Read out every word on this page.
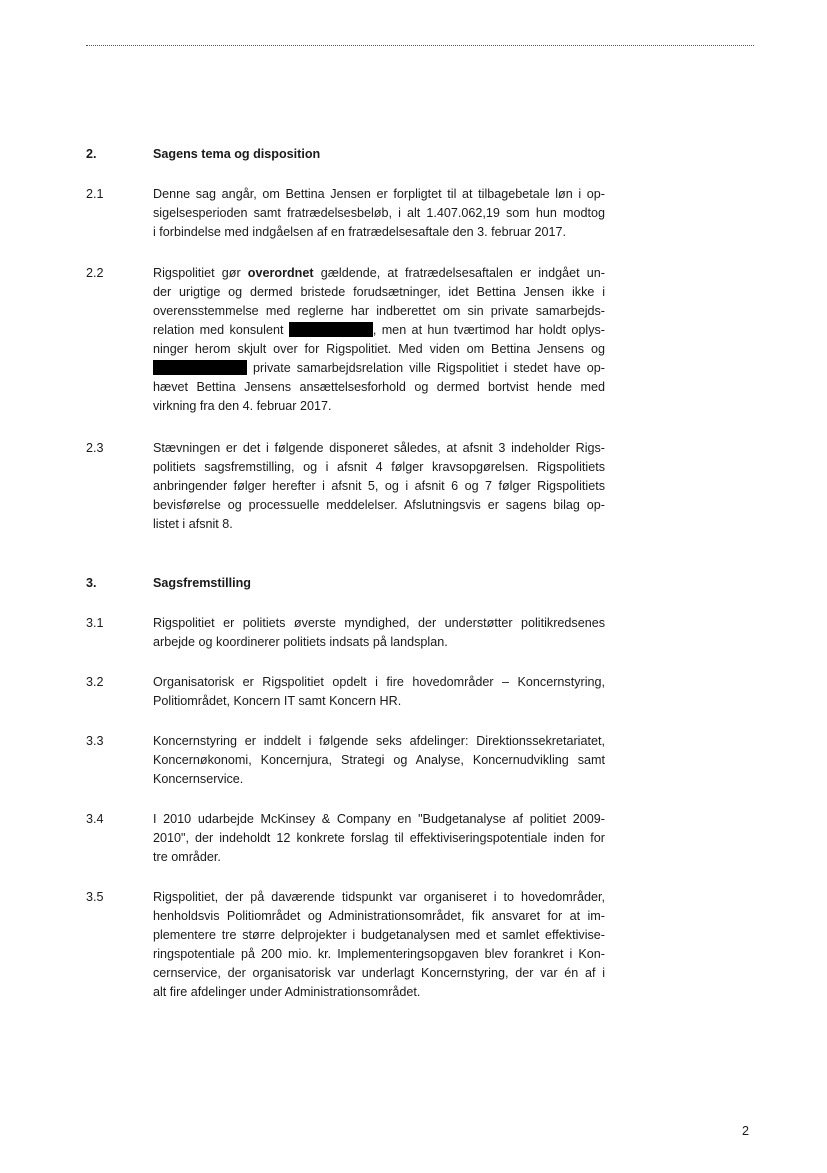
2.	Sagens tema og disposition
2.1	Denne sag angår, om Bettina Jensen er forpligtet til at tilbagebetale løn i op-
sigelsesperioden samt fratrædelsesbeløb, i alt 1.407.062,19 som hun modtog
i forbindelse med indgåelsen af en fratrædelsesaftale den 3. februar 2017.
2.2	Rigspolitiet gør overordnet gældende, at fratrædelsesaftalen er indgået un-
der urigtige og dermed bristede forudsætninger, idet Bettina Jensen ikke i
overensstemmelse med reglerne har indberettet om sin private samarbejds-
relation med konsulent	, men at hun tværtimod har holdt oplys-
ninger herom skjult over for Rigspolitiet. Med viden om Bettina Jensens og
private samarbejdsrelation ville Rigspolitiet i stedet have op-
hævet Bettina Jensens ansættelsesforhold og dermed bortvist hende med
virkning fra den 4. februar 2017.
2.3	Stævningen er det i følgende disponeret således, at afsnit 3 indeholder Rigs-
politiets sagsfremstilling, og i afsnit 4 følger kravsopgørelsen. Rigspolitiets
anbringender følger herefter i afsnit 5, og i afsnit 6 og 7 følger Rigspolitiets
bevisførelse og processuelle meddelelser. Afslutningsvis er sagens bilag op-
listet i afsnit 8.
3.	Sagsfremstilling
3.1	Rigspolitiet er politiets øverste myndighed, der understøtter politikredsenes
arbejde og koordinerer politiets indsats på landsplan.
3.2	Organisatorisk er Rigspolitiet opdelt i fire hovedområder – Koncernstyring,
Politiområdet, Koncern IT samt Koncern HR.
3.3	Koncernstyring er inddelt i følgende seks afdelinger: Direktionssekretariatet,
Koncernøkonomi, Koncernjura, Strategi og Analyse, Koncernudvikling samt
Koncernservice.
3.4	I 2010 udarbejde McKinsey & Company en "Budgetanalyse af politiet 2009-
2010", der indeholdt 12 konkrete forslag til effektiviseringspotentiale inden for
tre områder.
3.5	Rigspolitiet, der på daværende tidspunkt var organiseret i to hovedområder,
henholdsvis Politiområdet og Administrationsområdet, fik ansvaret for at im-
plementere tre større delprojekter i budgetanalysen med et samlet effektivise-
ringspotentiale på 200 mio. kr. Implementeringsopgaven blev forankret i Kon-
cernservice, der organisatorisk var underlagt Koncernstyring, der var én af i
alt fire afdelinger under Administrationsområdet.
2
